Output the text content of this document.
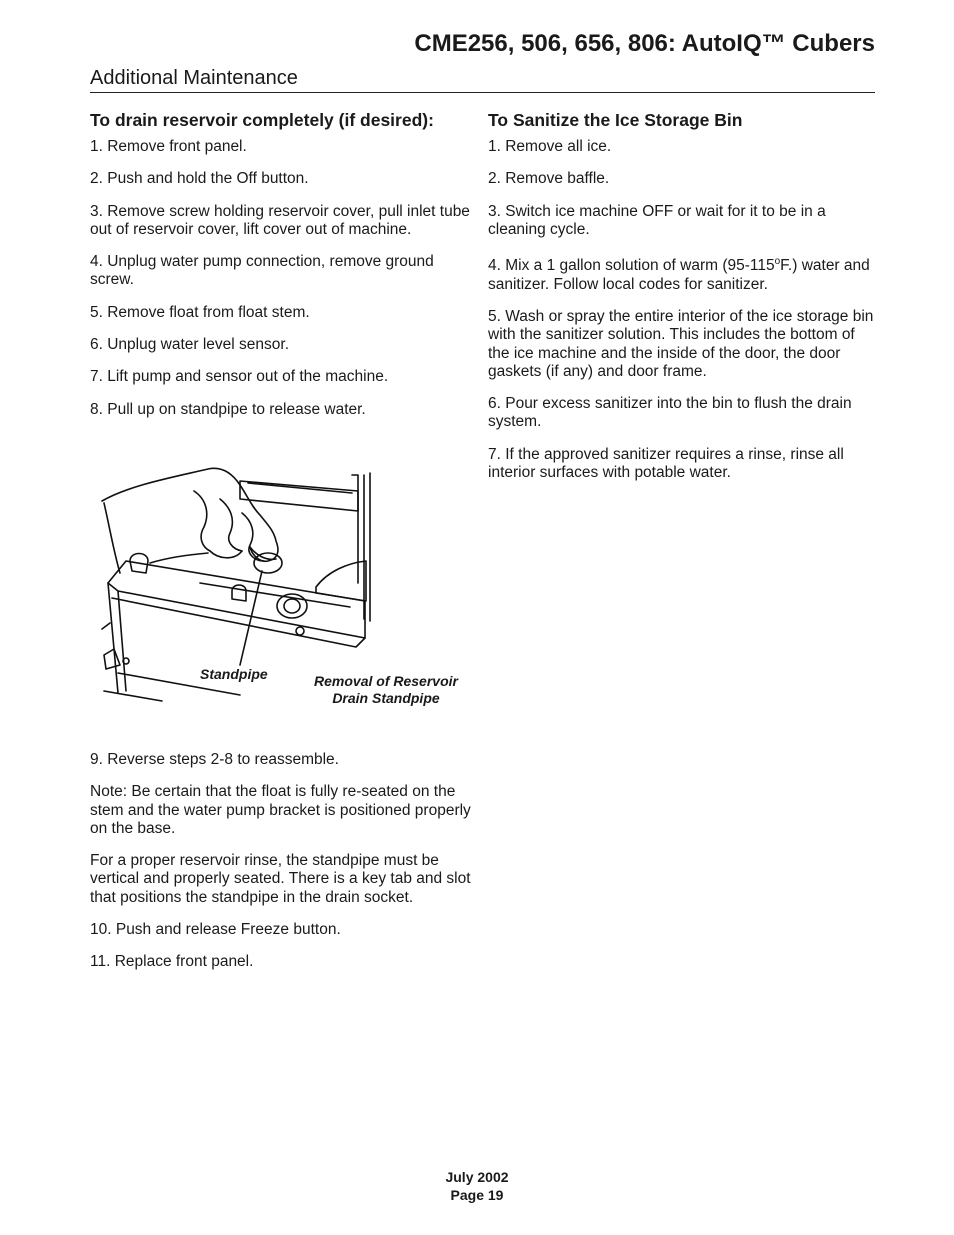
CME256, 506, 656, 806: AutoIQ™ Cubers
Additional Maintenance
To drain reservoir completely (if desired):

1. Remove front panel.

2. Push and hold the Off button.

3. Remove screw holding reservoir cover, pull inlet tube out of reservoir cover, lift cover out of machine.

4. Unplug water pump connection, remove ground screw.

5. Remove float from float stem.

6. Unplug water level sensor.

7. Lift pump and sensor out of the machine.

8. Pull up on standpipe to release water.

Standpipe	Removal of Reservoir Drain Standpipe

9. Reverse steps 2-8 to reassemble.

Note: Be certain that the float is fully re-seated on the stem and the water pump bracket is positioned properly on the base.

For a proper reservoir rinse, the standpipe must be vertical and properly seated. There is a key tab and slot that positions the standpipe in the drain socket.

10. Push and release Freeze button.

11. Replace front panel.

To Sanitize the Ice Storage Bin

1. Remove all ice.

2. Remove baffle.

3. Switch ice machine OFF or wait for it to be in a cleaning cycle.

4. Mix a 1 gallon solution of warm (95-115$^o$F.) water and sanitizer. Follow local codes for sanitizer.

5. Wash or spray the entire interior of the ice storage bin with the sanitizer solution. This includes the bottom of the ice machine and the inside of the door, the door gaskets (if any) and door frame.

6. Pour excess sanitizer into the bin to flush the drain system.

7. If the approved sanitizer requires a rinse, rinse all interior surfaces with potable water.

July 2002
Page 19
